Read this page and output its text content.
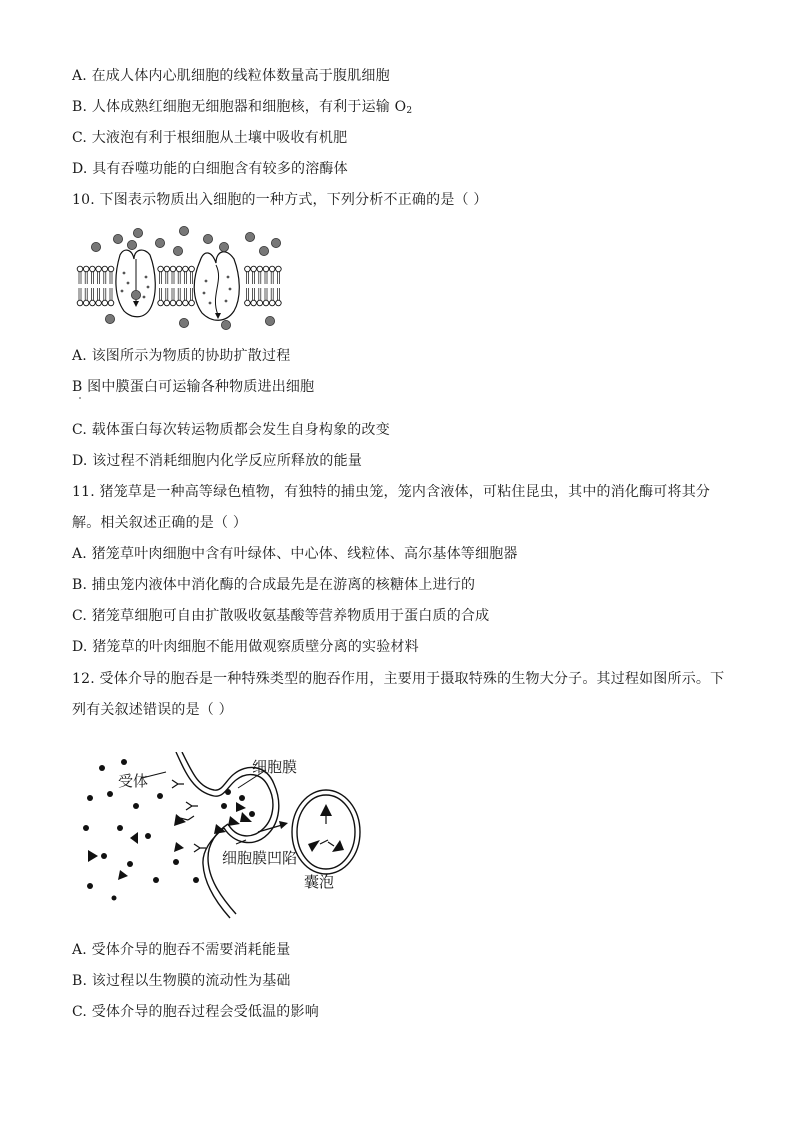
A. 在成人体内心肌细胞的线粒体数量高于腹肌细胞
B. 人体成熟红细胞无细胞器和细胞核，有利于运输 $O_2$
C. 大液泡有利于根细胞从土壤中吸收有机肥
D. 具有吞噬功能的白细胞含有较多的溶酶体
10. 下图表示物质出入细胞的一种方式，下列分析不正确的是（ ）
A. 该图所示为物质的协助扩散过程
B 图中膜蛋白可运输各种物质进出细胞
C. 载体蛋白每次转运物质都会发生自身构象的改变
D. 该过程不消耗细胞内化学反应所释放的能量
11. 猪笼草是一种高等绿色植物，有独特的捕虫笼，笼内含液体，可粘住昆虫，其中的消化酶可将其分
解。相关叙述正确的是（ ）
A. 猪笼草叶肉细胞中含有叶绿体、中心体、线粒体、高尔基体等细胞器
B. 捕虫笼内液体中消化酶的合成最先是在游离的核糖体上进行的
C. 猪笼草细胞可自由扩散吸收氨基酸等营养物质用于蛋白质的合成
D. 猪笼草的叶肉细胞不能用做观察质壁分离的实验材料
12. 受体介导的胞吞是一种特殊类型的胞吞作用，主要用于摄取特殊的生物大分子。其过程如图所示。下
列有关叙述错误的是（ ）
受体
细胞膜
细胞膜凹陷
囊泡
A. 受体介导的胞吞不需要消耗能量
B. 该过程以生物膜的流动性为基础
C. 受体介导的胞吞过程会受低温的影响
